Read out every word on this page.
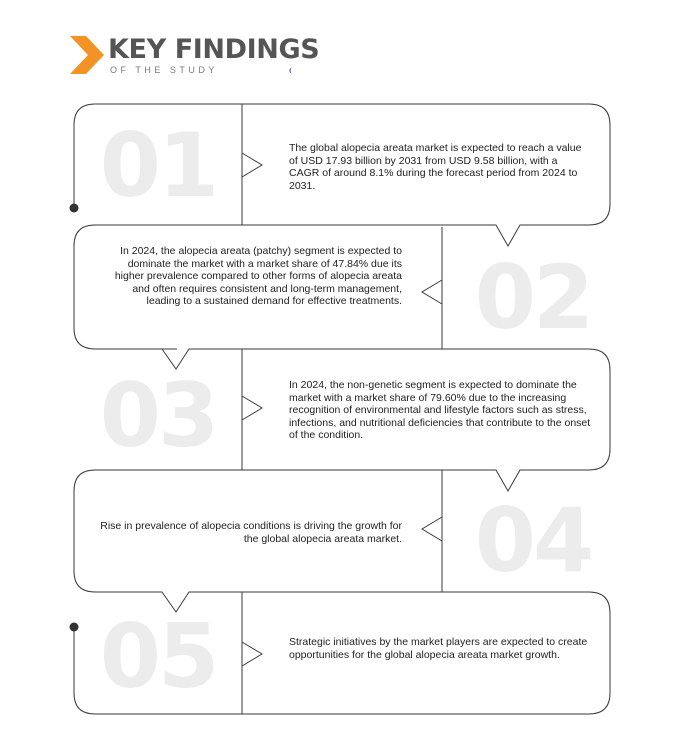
KEY FINDINGS
OF THE STUDY
01	The global alopecia areata market is expected to reach a value of USD 17.93 billion by 2031 from USD 9.58 billion, with a CAGR of around 8.1% during the forecast period from 2024 to 2031.
02
In 2024, the alopecia areata (patchy) segment is expected to dominate the market with a market share of 47.84% due its higher prevalence compared to other forms of alopecia areata and often requires consistent and long-term management, leading to a sustained demand for effective treatments.
03	In 2024, the non-genetic segment is expected to dominate the market with a market share of 79.60% due to the increasing recognition of environmental and lifestyle factors such as stress, infections, and nutritional deficiencies that contribute to the onset of the condition.
04
Rise in prevalence of alopecia conditions is driving the growth for the global alopecia areata market.
05	Strategic initiatives by the market players are expected to create opportunities for the global alopecia areata market growth.
